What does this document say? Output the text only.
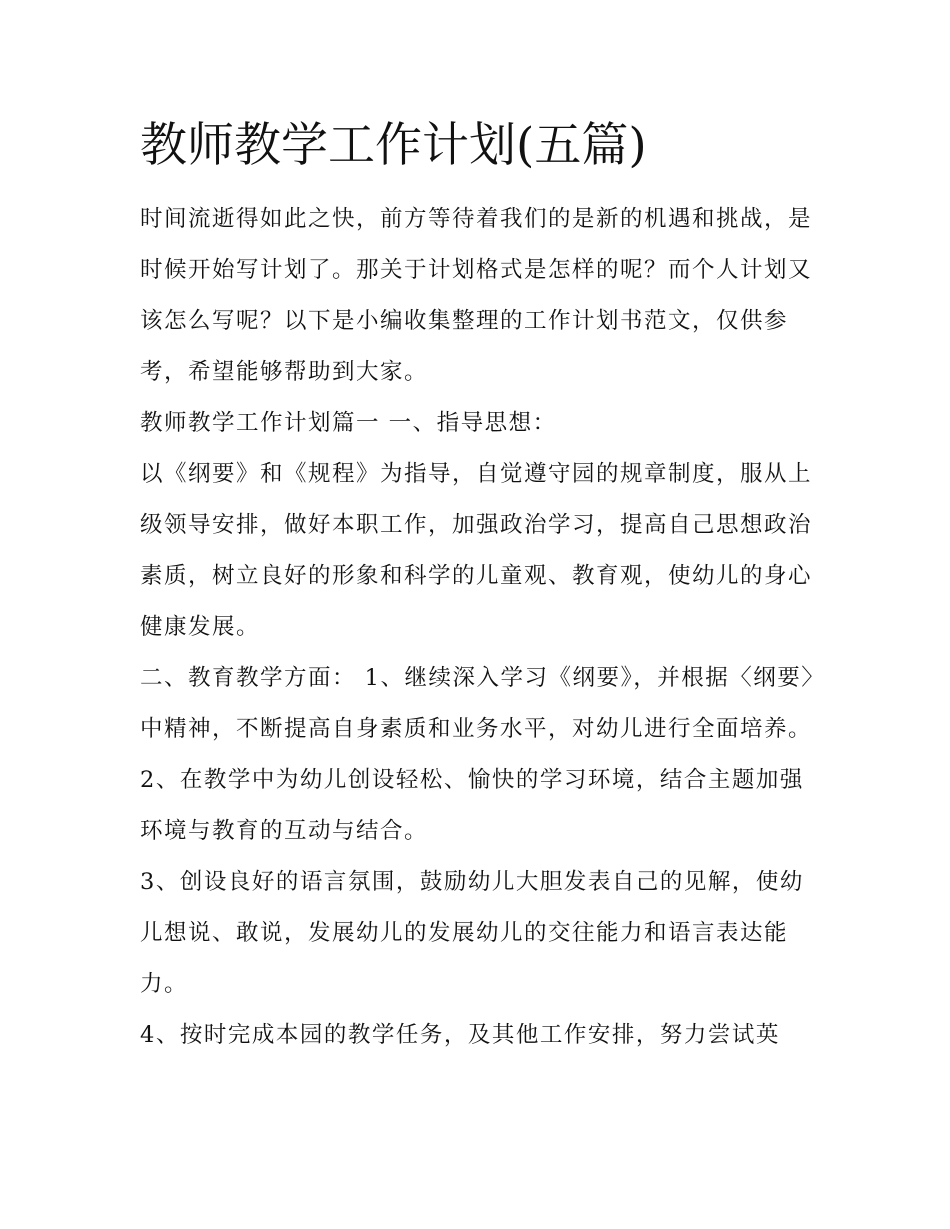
教师教学工作计划(五篇)

时间流逝得如此之快，前方等待着我们的是新的机遇和挑战，是时候开始写计划了。那关于计划格式是怎样的呢？而个人计划又该怎么写呢？以下是小编收集整理的工作计划书范文，仅供参考，希望能够帮助到大家。

教师教学工作计划篇一 一、指导思想：

以《纲要》和《规程》为指导，自觉遵守园的规章制度，服从上级领导安排，做好本职工作，加强政治学习，提高自己思想政治素质，树立良好的形象和科学的儿童观、教育观，使幼儿的身心健康发展。

二、教育教学方面： 1、继续深入学习《纲要》，并根据〈纲要〉中精神，不断提高自身素质和业务水平，对幼儿进行全面培养。

2、在教学中为幼儿创设轻松、愉快的学习环境，结合主题加强环境与教育的互动与结合。

3、创设良好的语言氛围，鼓励幼儿大胆发表自己的见解，使幼儿想说、敢说，发展幼儿的发展幼儿的交往能力和语言表达能力。

4、按时完成本园的教学任务，及其他工作安排，努力尝试英
